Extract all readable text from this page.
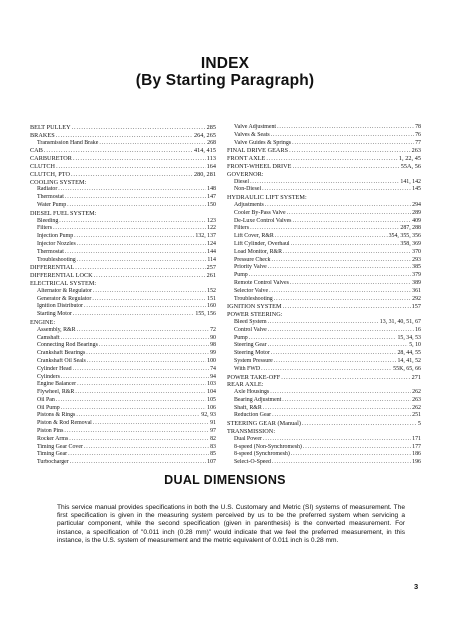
INDEX
(By Starting Paragraph)
BELT PULLEY .....	285
BRAKES .....	264, 265
Transmission Hand Brake .....	268
CAB .....	414, 415
CARBURETOR .....	113
CLUTCH .....	164
CLUTCH, PTO .....	280, 281
COOLING SYSTEM:
Radiator .....	148
Thermostat .....	147
Water Pump .....	150
DIESEL FUEL SYSTEM:
Bleeding .....	123
Filters .....	122
Injection Pump .....	132, 137
Injector Nozzles .....	124
Thermostat .....	144
Troubleshooting .....	114
DIFFERENTIAL .....	257
DIFFERENTIAL LOCK .....	261
ELECTRICAL SYSTEM:
Alternator & Regulator .....	152
Generator & Regulator .....	151
Ignition Distributor .....	160
Starting Motor .....	155, 156
ENGINE:
Assembly, R&R .....	72
Camshaft .....	90
Connecting Rod Bearings .....	98
Crankshaft Bearings .....	99
Crankshaft Oil Seals .....	100
Cylinder Head .....	74
Cylinders .....	94
Engine Balancer .....	103
Flywheel, R&R .....	104
Oil Pan .....	105
Oil Pump .....	106
Pistons & Rings .....	92, 93
Piston & Rod Removal .....	91
Piston Pins .....	97
Rocker Arms .....	82
Timing Gear Cover .....	83
Timing Gear .....	85
Turbocharger .....	107
Valve Adjustment .....	78
Valves & Seats .....	76
Valve Guides & Springs .....	77
FINAL DRIVE GEARS .....	263
FRONT AXLE .....	1, 22, 45
FRONT-WHEEL DRIVE .....	55A, 56
GOVERNOR:
Diesel .....	141, 142
Non-Diesel .....	145
HYDRAULIC LIFT SYSTEM:
Adjustments .....	294
Cooler By-Pass Valve .....	289
De-Luxe Control Valves .....	409
Filters .....	287, 288
Lift Cover, R&R .....	354, 355, 356
Lift Cylinder, Overhaul .....	358, 369
Load Monitor, R&R .....	370
Pressure Check .....	293
Priority Valve .....	385
Pump .....	379
Remote Control Valves .....	389
Selector Valve .....	361
Troubleshooting .....	292
IGNITION SYSTEM .....	157
POWER STEERING:
Bleed System .....	13, 31, 40, 51, 67
Control Valve .....	16
Pump .....	15, 34, 53
Steering Gear .....	5, 10
Steering Motor .....	28, 44, 55
System Pressure .....	14, 41, 52
With FWD .....	55K, 65, 66
POWER TAKE-OFF .....	271
REAR AXLE:
Axle Housings .....	262
Bearing Adjustment .....	263
Shaft, R&R .....	262
Reduction Gear .....	251
STEERING GEAR (Manual) .....	5
TRANSMISSION:
Dual Power .....	171
8-speed (Non-Synchromesh) .....	177
8-speed (Synchromesh) .....	186
Select-O-Speed .....	196
DUAL DIMENSIONS
This service manual provides specifications in both the U.S. Customary and Metric (SI) systems of measurement. The first specification is given in the measuring system perceived by us to be the preferred system when servicing a particular component, while the second specification (given in parenthesis) is the converted measurement. For instance, a specification of "0.011 inch (0.28 mm)" would indicate that we feel the preferred measurement, in this instance, is the U.S. system of measurement and the metric equivalent of 0.011 inch is 0.28 mm.
3
